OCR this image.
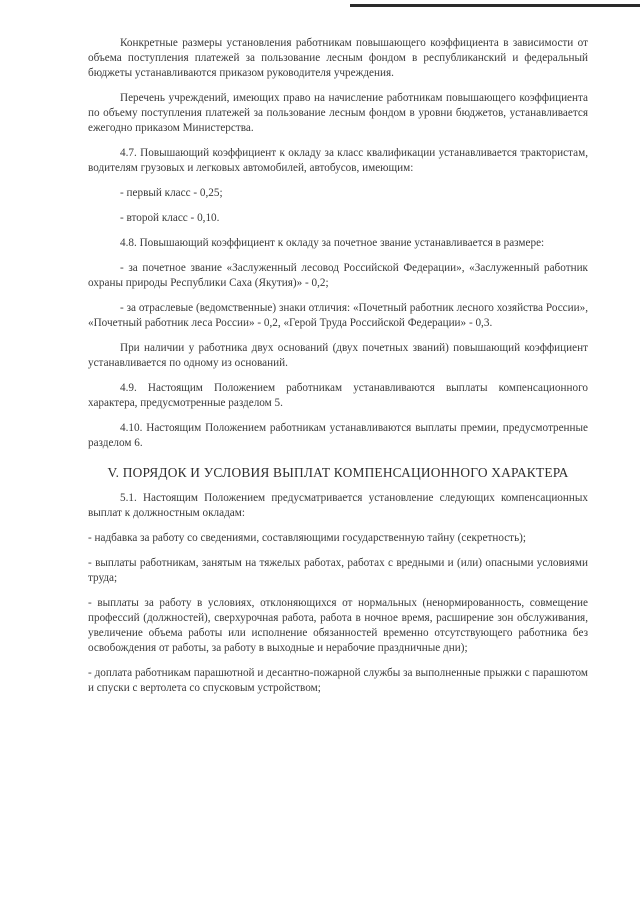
Конкретные размеры установления работникам повышающего коэффициента в зависимости от объема поступления платежей за пользование лесным фондом в республиканский и федеральный бюджеты устанавливаются приказом руководителя учреждения.

Перечень учреждений, имеющих право на начисление работникам повышающего коэффициента по объему поступления платежей за пользование лесным фондом в уровни бюджетов, устанавливается ежегодно приказом Министерства.

4.7. Повышающий коэффициент к окладу за класс квалификации устанавливается трактористам, водителям грузовых и легковых автомобилей, автобусов, имеющим:

- первый класс - 0,25;

- второй класс - 0,10.

4.8. Повышающий коэффициент к окладу за почетное звание устанавливается в размере:

- за почетное звание «Заслуженный лесовод Российской Федерации», «Заслуженный работник охраны природы Республики Саха (Якутия)» - 0,2;

- за отраслевые (ведомственные) знаки отличия: «Почетный работник лесного хозяйства России», «Почетный работник леса России» - 0,2, «Герой Труда Российской Федерации» - 0,3.

При наличии у работника двух оснований (двух почетных званий) повышающий коэффициент устанавливается по одному из оснований.

4.9. Настоящим Положением работникам устанавливаются выплаты компенсационного характера, предусмотренные разделом 5.

4.10. Настоящим Положением работникам устанавливаются выплаты премии, предусмотренные разделом 6.

V. ПОРЯДОК И УСЛОВИЯ ВЫПЛАТ КОМПЕНСАЦИОННОГО ХАРАКТЕРА

5.1. Настоящим Положением предусматривается установление следующих компенсационных выплат к должностным окладам:

- надбавка за работу со сведениями, составляющими государственную тайну (секретность);

- выплаты работникам, занятым на тяжелых работах, работах с вредными и (или) опасными условиями труда;

- выплаты за работу в условиях, отклоняющихся от нормальных (ненормированность, совмещение профессий (должностей), сверхурочная работа, работа в ночное время, расширение зон обслуживания, увеличение объема работы или исполнение обязанностей временно отсутствующего работника без освобождения от работы, за работу в выходные и нерабочие праздничные дни);

- доплата работникам парашютной и десантно-пожарной службы за выполненные прыжки с парашютом и спуски с вертолета со спусковым устройством;
